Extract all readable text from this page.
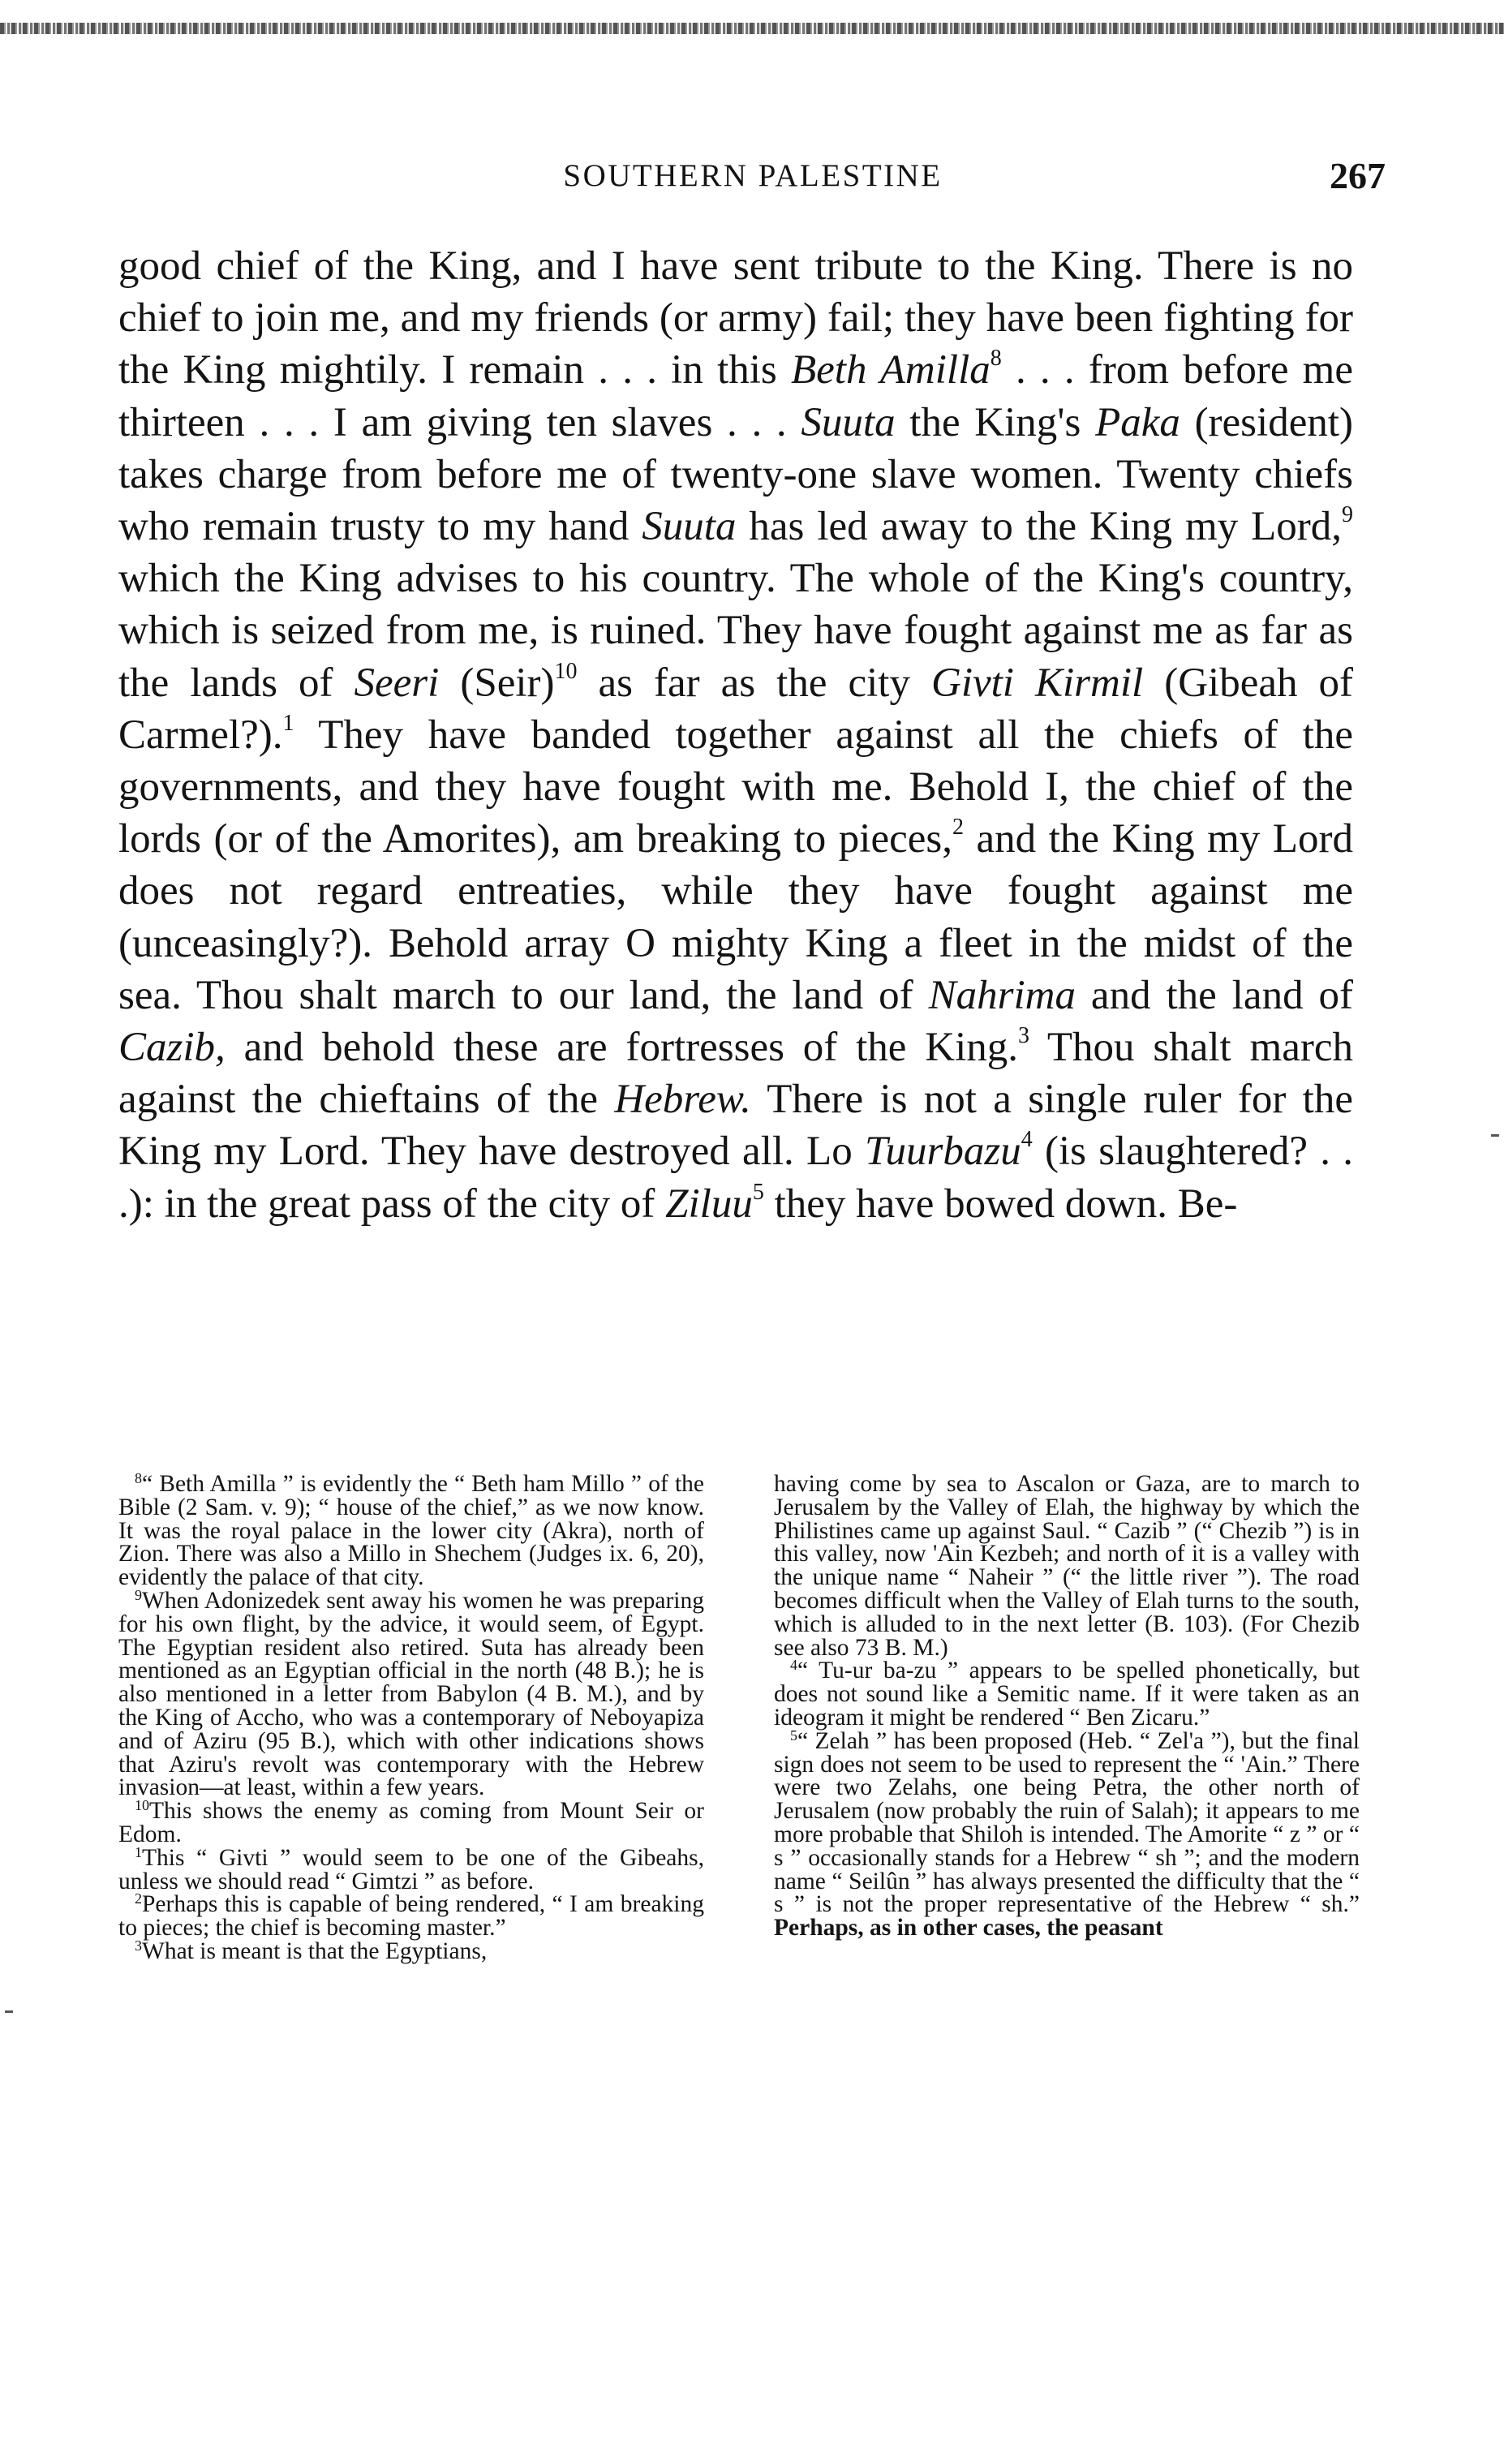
SOUTHERN PALESTINE	267

good chief of the King, and I have sent tribute to the King. There is no chief to join me, and my friends (or army) fail; they have been fighting for the King mightily. I remain . . . in this Beth Amilla$^8$ . . . from before me thirteen . . . I am giving ten slaves . . . Suuta the King's Paka (resident) takes charge from before me of twenty-one slave women. Twenty chiefs who remain trusty to my hand Suuta has led away to the King my Lord,$^9$ which the King advises to his country. The whole of the King's country, which is seized from me, is ruined. They have fought against me as far as the lands of Seeri (Seir)$^{10}$ as far as the city Givti Kirmil (Gibeah of Carmel?).$^1$ They have banded together against all the chiefs of the governments, and they have fought with me. Behold I, the chief of the lords (or of the Amorites), am breaking to pieces,$^2$ and the King my Lord does not regard entreaties, while they have fought against me (unceasingly?). Behold array O mighty King a fleet in the midst of the sea. Thou shalt march to our land, the land of Nahrima and the land of Cazib, and behold these are fortresses of the King.$^3$ Thou shalt march against the chieftains of the Hebrew. There is not a single ruler for the King my Lord. They have destroyed all. Lo Tuurbazu$^4$ (is slaughtered? . . .): in the great pass of the city of Ziluu$^5$ they have bowed down. Be-

$^8$“ Beth Amilla ” is evidently the “ Beth ham Millo ” of the Bible (2 Sam. v. 9); “ house of the chief,” as we now know. It was the royal palace in the lower city (Akra), north of Zion. There was also a Millo in Shechem (Judges ix. 6, 20), evidently the palace of that city.

$^9$When Adonizedek sent away his women he was preparing for his own flight, by the advice, it would seem, of Egypt. The Egyptian resident also retired. Suta has already been mentioned as an Egyptian official in the north (48 B.); he is also mentioned in a letter from Babylon (4 B. M.), and by the King of Accho, who was a contemporary of Neboyapiza and of Aziru (95 B.), which with other indications shows that Aziru's revolt was contemporary with the Hebrew invasion—at least, within a few years.

$^{10}$This shows the enemy as coming from Mount Seir or Edom.

$^1$This “ Givti ” would seem to be one of the Gibeahs, unless we should read “ Gimtzi ” as before.

$^2$Perhaps this is capable of being rendered, “ I am breaking to pieces; the chief is becoming master.”

$^3$What is meant is that the Egyptians,

having come by sea to Ascalon or Gaza, are to march to Jerusalem by the Valley of Elah, the highway by which the Philistines came up against Saul. “ Cazib ” (“ Chezib ”) is in this valley, now 'Ain Kezbeh; and north of it is a valley with the unique name “ Naheir ” (“ the little river ”). The road becomes difficult when the Valley of Elah turns to the south, which is alluded to in the next letter (B. 103). (For Chezib see also 73 B. M.)

$^4$“ Tu-ur ba-zu ” appears to be spelled phonetically, but does not sound like a Semitic name. If it were taken as an ideogram it might be rendered “ Ben Zicaru.”

$^5$“ Zelah ” has been proposed (Heb. “ Zel'a ”), but the final sign does not seem to be used to represent the “ 'Ain.” There were two Zelahs, one being Petra, the other north of Jerusalem (now probably the ruin of Salah); it appears to me more probable that Shiloh is intended. The Amorite “ z ” or “ s ” occasionally stands for a Hebrew “ sh ”; and the modern name “ Seilûn ” has always presented the difficulty that the “ s ” is not the proper representative of the Hebrew “ sh.” Perhaps, as in other cases, the peasant
